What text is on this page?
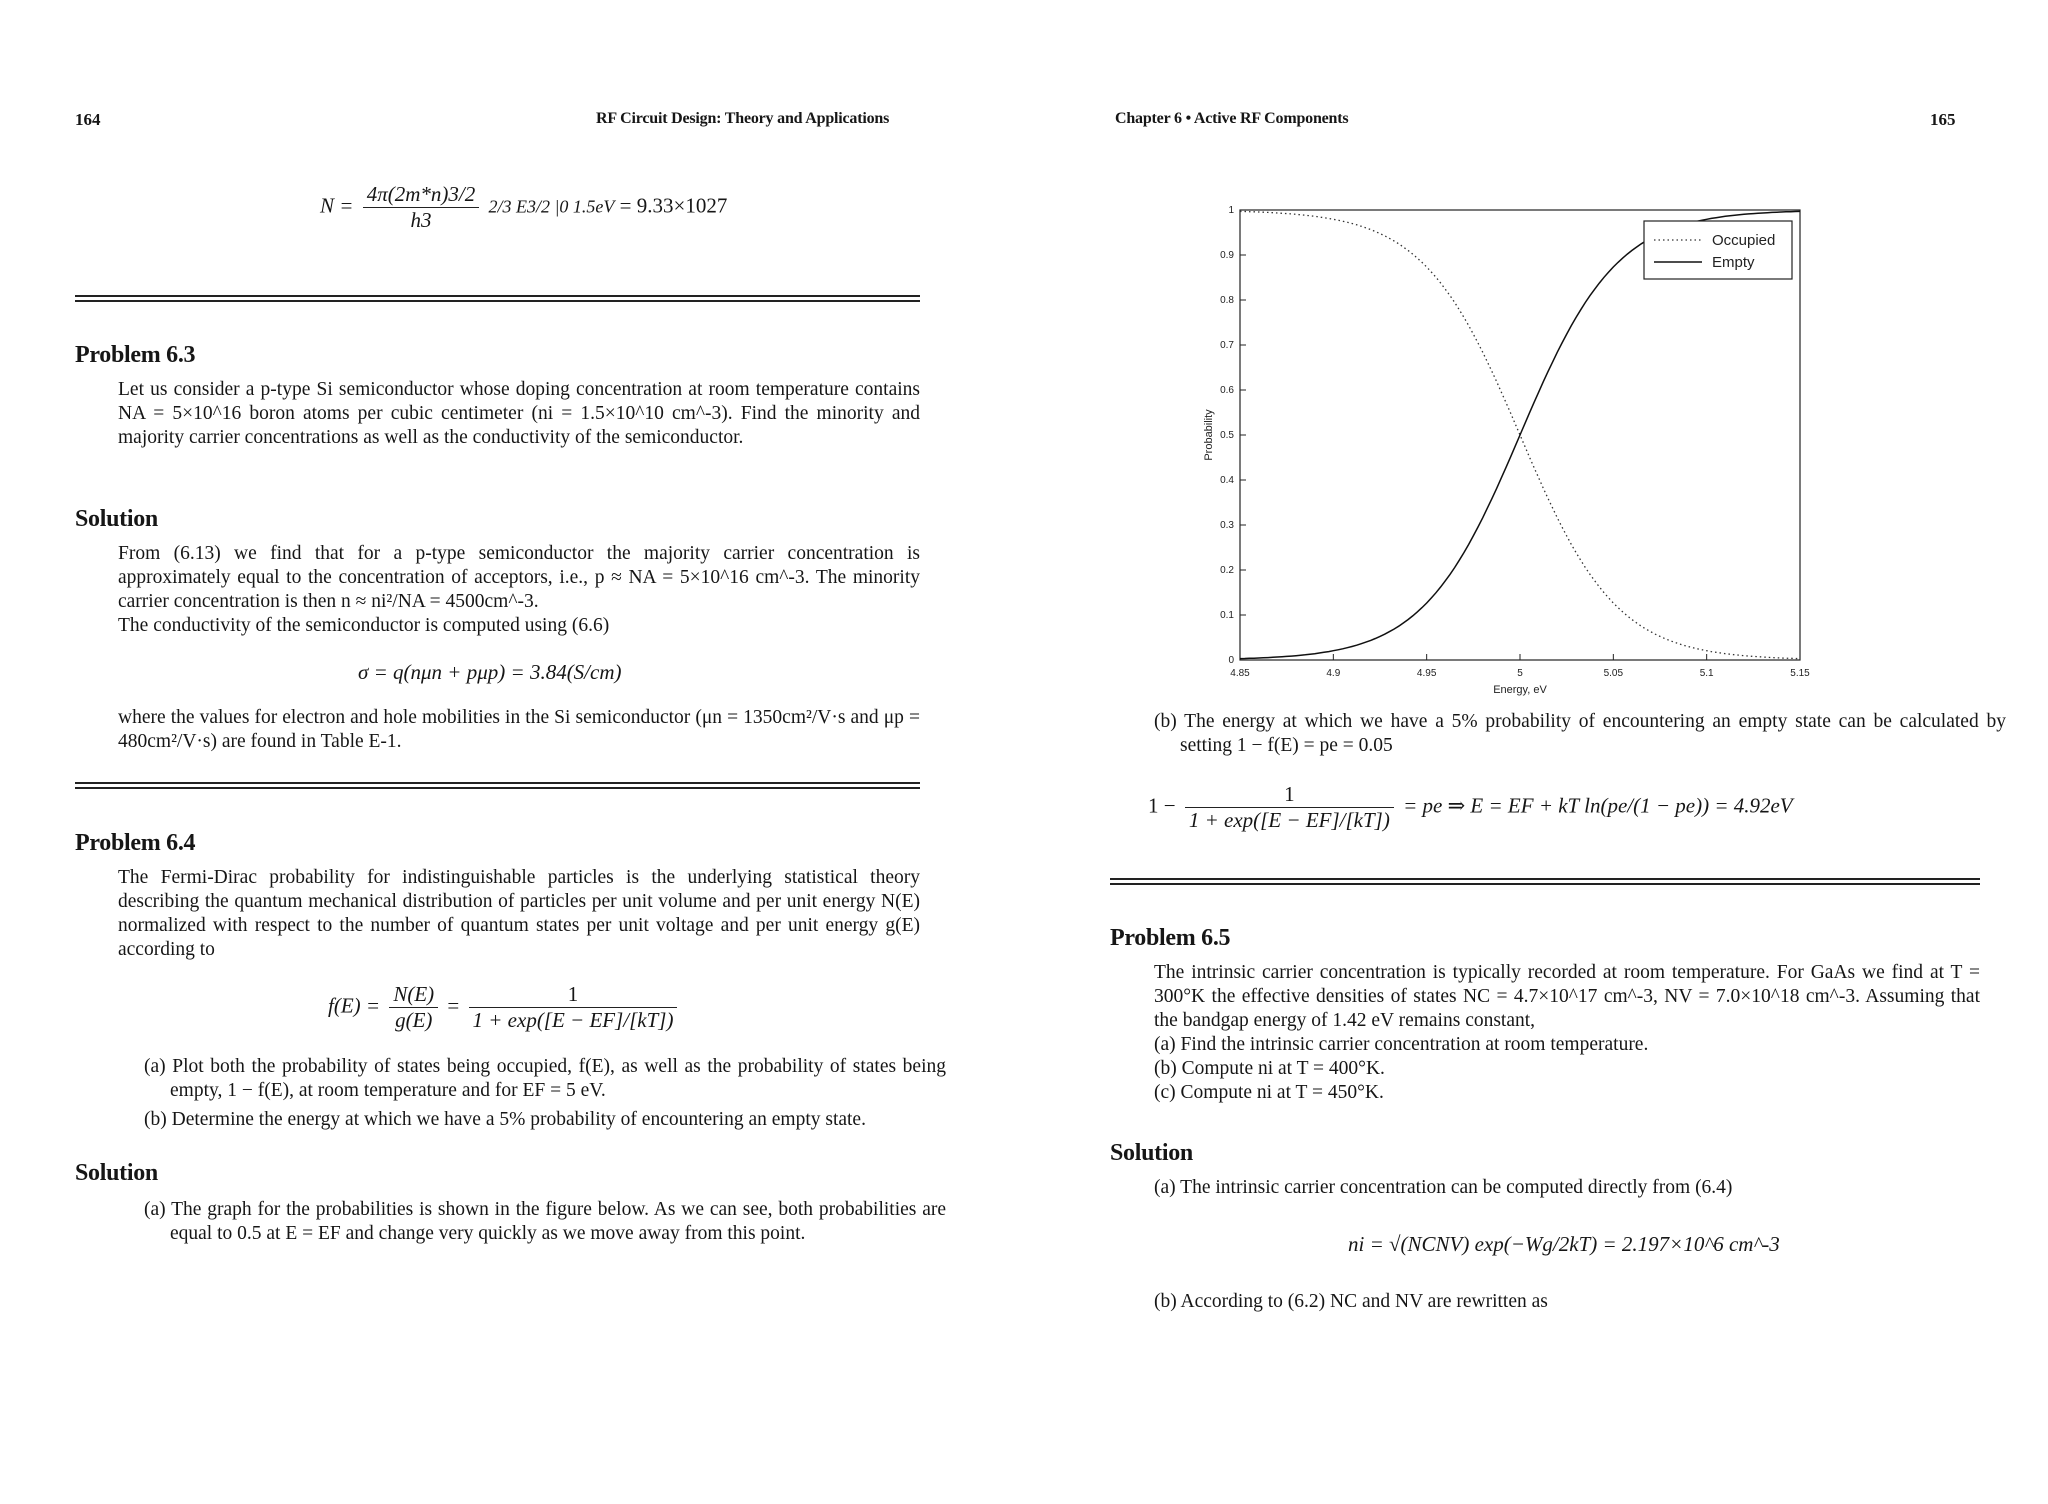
164	RF Circuit Design: Theory and Applications
$N = \frac{4\pi(2m*n)3/2}{h3} 2/3$ E3/2 |0 1.5eV = 9.33×1027
Problem 6.3
Let us consider a p-type Si semiconductor whose doping concentration at room temperature contains NA = 5×10^16 boron atoms per cubic centimeter (ni = 1.5×10^10 cm^-3). Find the minority and majority carrier concentrations as well as the conductivity of the semiconductor.
Solution
From (6.13) we find that for a p-type semiconductor the majority carrier concentration is approximately equal to the concentration of acceptors, i.e., p ≈ NA = 5×10^16 cm^-3. The minority carrier concentration is then n ≈ ni²/NA = 4500cm^-3.
The conductivity of the semiconductor is computed using (6.6)
σ = q(nμn + pμp) = 3.84(S/cm)
where the values for electron and hole mobilities in the Si semiconductor (μn = 1350cm²/V·s and μp = 480cm²/V·s) are found in Table E-1.
Problem 6.4
The Fermi-Dirac probability for indistinguishable particles is the underlying statistical theory describing the quantum mechanical distribution of particles per unit volume and per unit energy N(E) normalized with respect to the number of quantum states per unit voltage and per unit energy g(E) according to
$f(E) = \frac{N(E)}{g(E)} = \frac{1}{1 + \exp([E - EF]/[kT])}$
(a) Plot both the probability of states being occupied, f(E), as well as the probability of states being empty, 1 − f(E), at room temperature and for EF = 5 eV.
(b) Determine the energy at which we have a 5% probability of encountering an empty state.
Solution
(a) The graph for the probabilities is shown in the figure below. As we can see, both probabilities are equal to 0.5 at E = EF and change very quickly as we move away from this point.
Chapter 6 • Active RF Components	165
4.85	4.9	4.95	5	5.05	5.1	5.15
0
0.1
0.2
0.3
0.4
0.5
0.6
0.7
0.8
0.9
1
Occupied
Empty
Energy, eV
Probability
(b) The energy at which we have a 5% probability of encountering an empty state can be calculated by setting 1 − f(E) = pe = 0.05
$1 - \frac{1}{1 + \exp([E - EF]/[kT])}$ = pe ⇒ E = EF + kT ln(pe/(1 − pe)) = 4.92eV
Problem 6.5
The intrinsic carrier concentration is typically recorded at room temperature. For GaAs we find at T = 300°K the effective densities of states NC = 4.7×10^17 cm^-3, NV = 7.0×10^18 cm^-3. Assuming that the bandgap energy of 1.42 eV remains constant,
(a) Find the intrinsic carrier concentration at room temperature.
(b) Compute ni at T = 400°K.
(c) Compute ni at T = 450°K.
Solution
(a) The intrinsic carrier concentration can be computed directly from (6.4)
ni = √(NCNV) exp(−Wg/2kT) = 2.197×10^6 cm^-3
(b) According to (6.2) NC and NV are rewritten as
